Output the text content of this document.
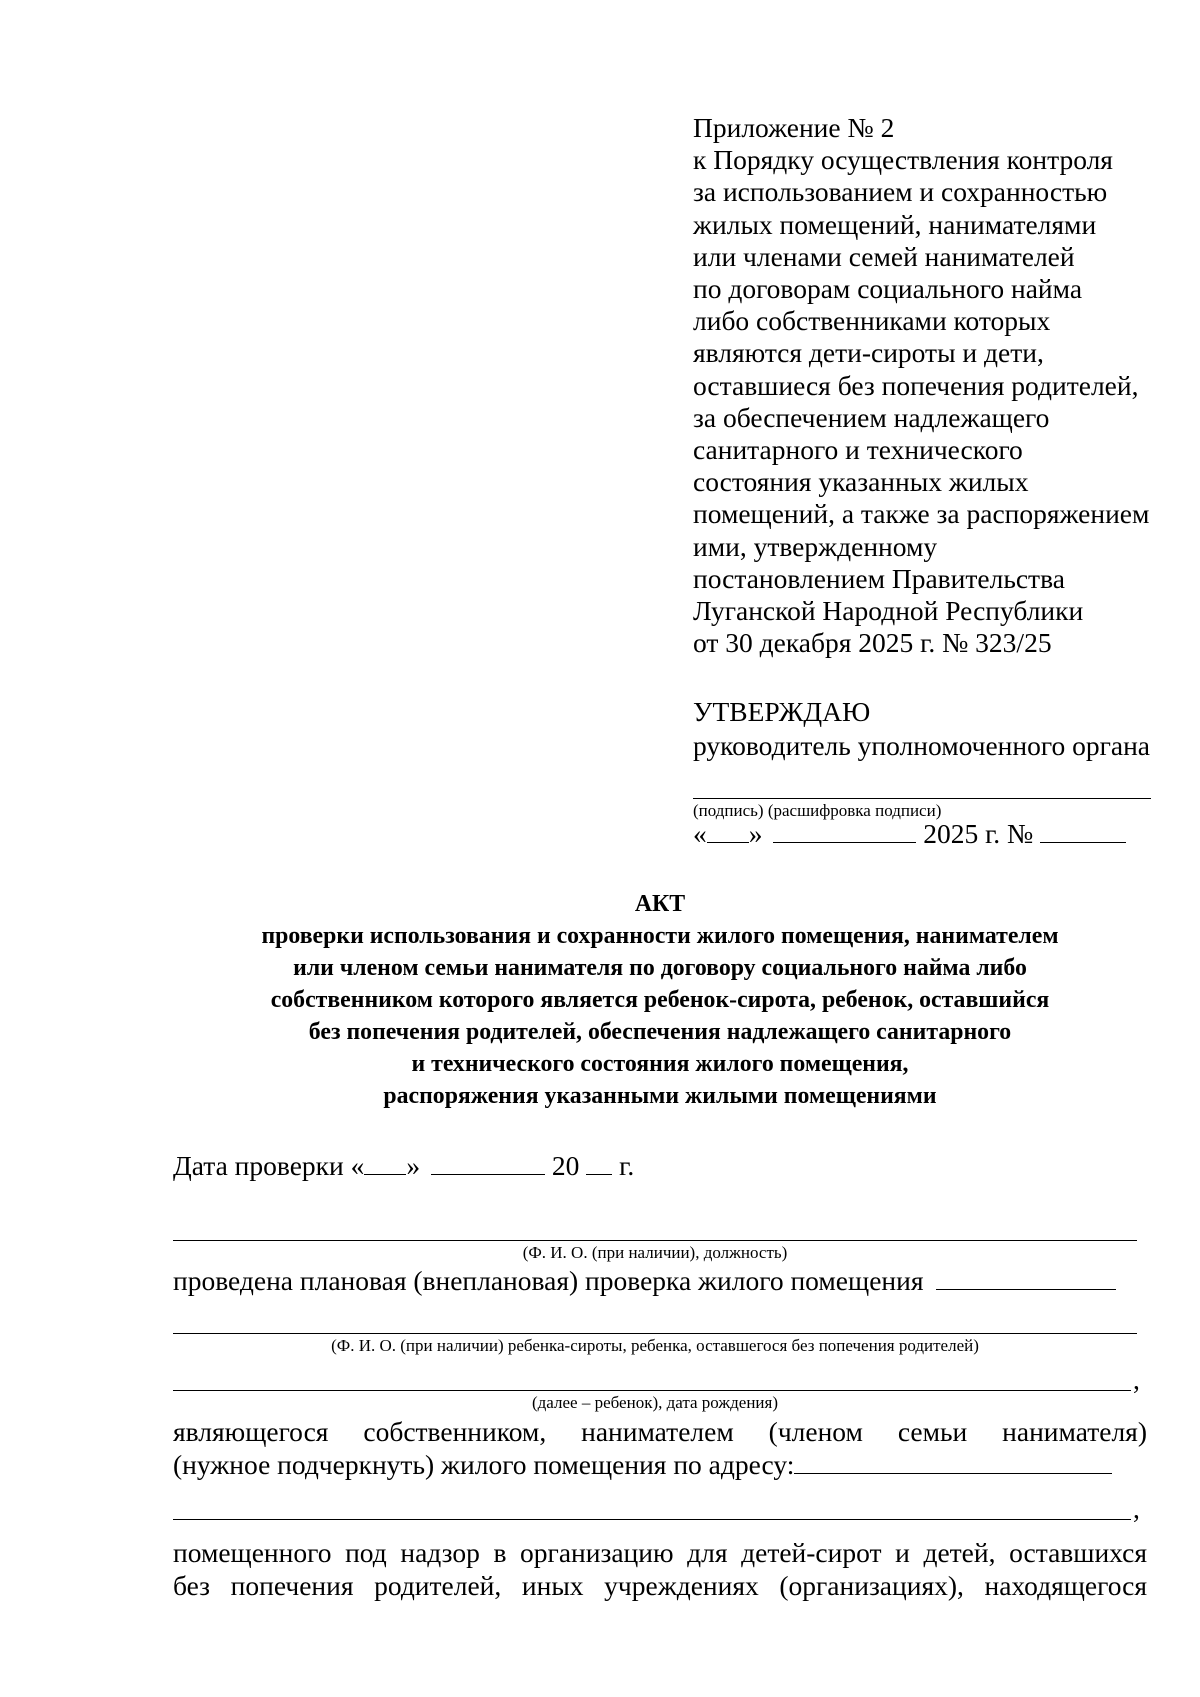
Приложение № 2
к Порядку осуществления контроля
за использованием и сохранностью
жилых помещений, нанимателями
или членами семей нанимателей
по договорам социального найма
либо собственниками которых
являются дети-сироты и дети,
оставшиеся без попечения родителей,
за обеспечением надлежащего
санитарного и технического
состояния указанных жилых
помещений, а также за распоряжением
ими, утвержденному
постановлением Правительства
Луганской Народной Республики
от 30 декабря 2025 г. № 323/25
УТВЕРЖДАЮ
руководитель уполномоченного органа
(подпись) (расшифровка подписи)
« »	2025 г. №
АКТ
проверки использования и сохранности жилого помещения, нанимателем
или членом семьи нанимателя по договору социального найма либо
собственником которого является ребенок-сирота, ребенок, оставшийся
без попечения родителей, обеспечения надлежащего санитарного
и технического состояния жилого помещения,
распоряжения указанными жилыми помещениями
Дата проверки « »	20 г.
(Ф. И. О. (при наличии), должность)
проведена плановая (внеплановая) проверка жилого помещения
(Ф. И. О. (при наличии) ребенка-сироты, ребенка, оставшегося без попечения родителей)
,
(далее – ребенок), дата рождения)
являющегося собственником, нанимателем (членом семьи нанимателя)
(нужное подчеркнуть) жилого помещения по адресу:
,
помещенного под надзор в организацию для детей-сирот и детей, оставшихся
без попечения родителей, иных учреждениях (организациях), находящегося
